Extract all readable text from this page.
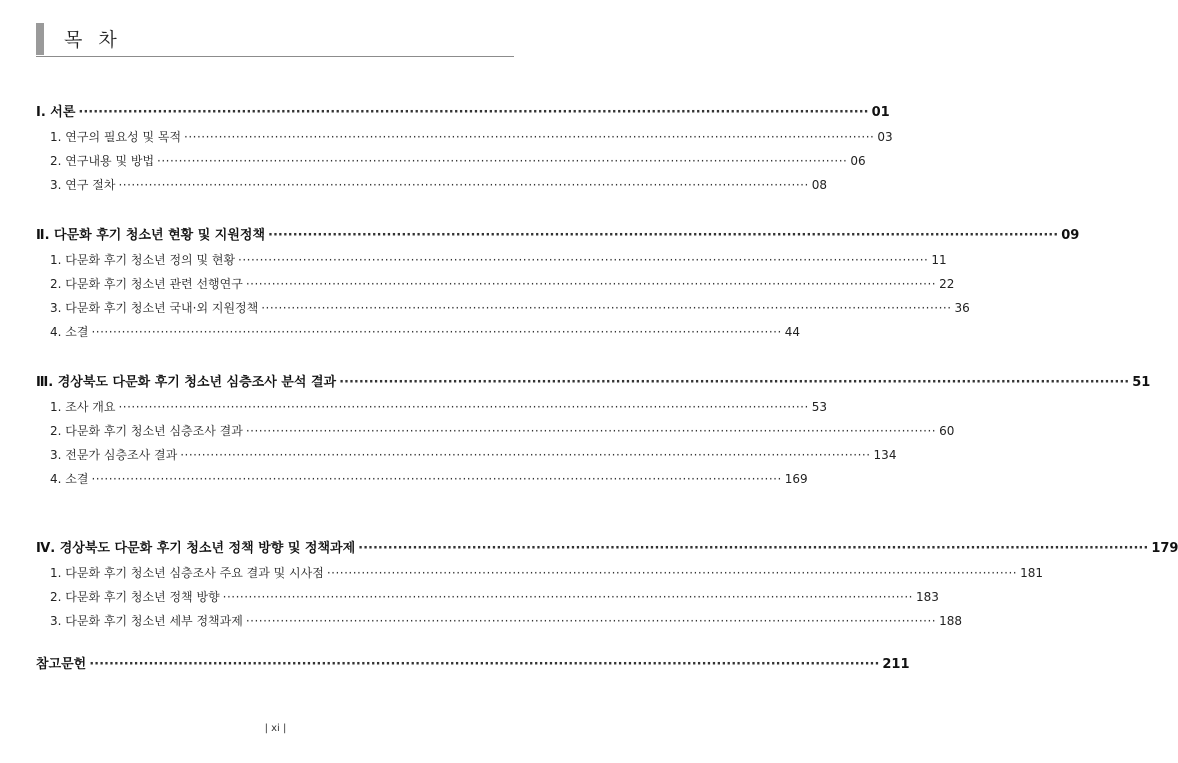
목 차
Ⅰ. 서론 ································································································································································ 01
1. 연구의 필요성 및 목적 ································································································································································ 03
2. 연구내용 및 방법 ································································································································································ 06
3. 연구 절차 ································································································································································ 08
Ⅱ. 다문화 후기 청소년 현황 및 지원정책 ································································································································································ 09
1. 다문화 후기 청소년 정의 및 현황 ································································································································································ 11
2. 다문화 후기 청소년 관련 선행연구 ································································································································································ 22
3. 다문화 후기 청소년 국내·외 지원정책 ································································································································································ 36
4. 소결 ································································································································································ 44
Ⅲ. 경상북도 다문화 후기 청소년 심층조사 분석 결과 ································································································································································ 51
1. 조사 개요 ································································································································································ 53
2. 다문화 후기 청소년 심층조사 결과 ································································································································································ 60
3. 전문가 심층조사 결과 ································································································································································ 134
4. 소결 ································································································································································ 169
Ⅳ. 경상북도 다문화 후기 청소년 정책 방향 및 정책과제 ································································································································································ 179
1. 다문화 후기 청소년 심층조사 주요 결과 및 시사점 ································································································································································ 181
2. 다문화 후기 청소년 정책 방향 ································································································································································ 183
3. 다문화 후기 청소년 세부 정책과제 ································································································································································ 188
참고문헌 ································································································································································ 211
| xi |
